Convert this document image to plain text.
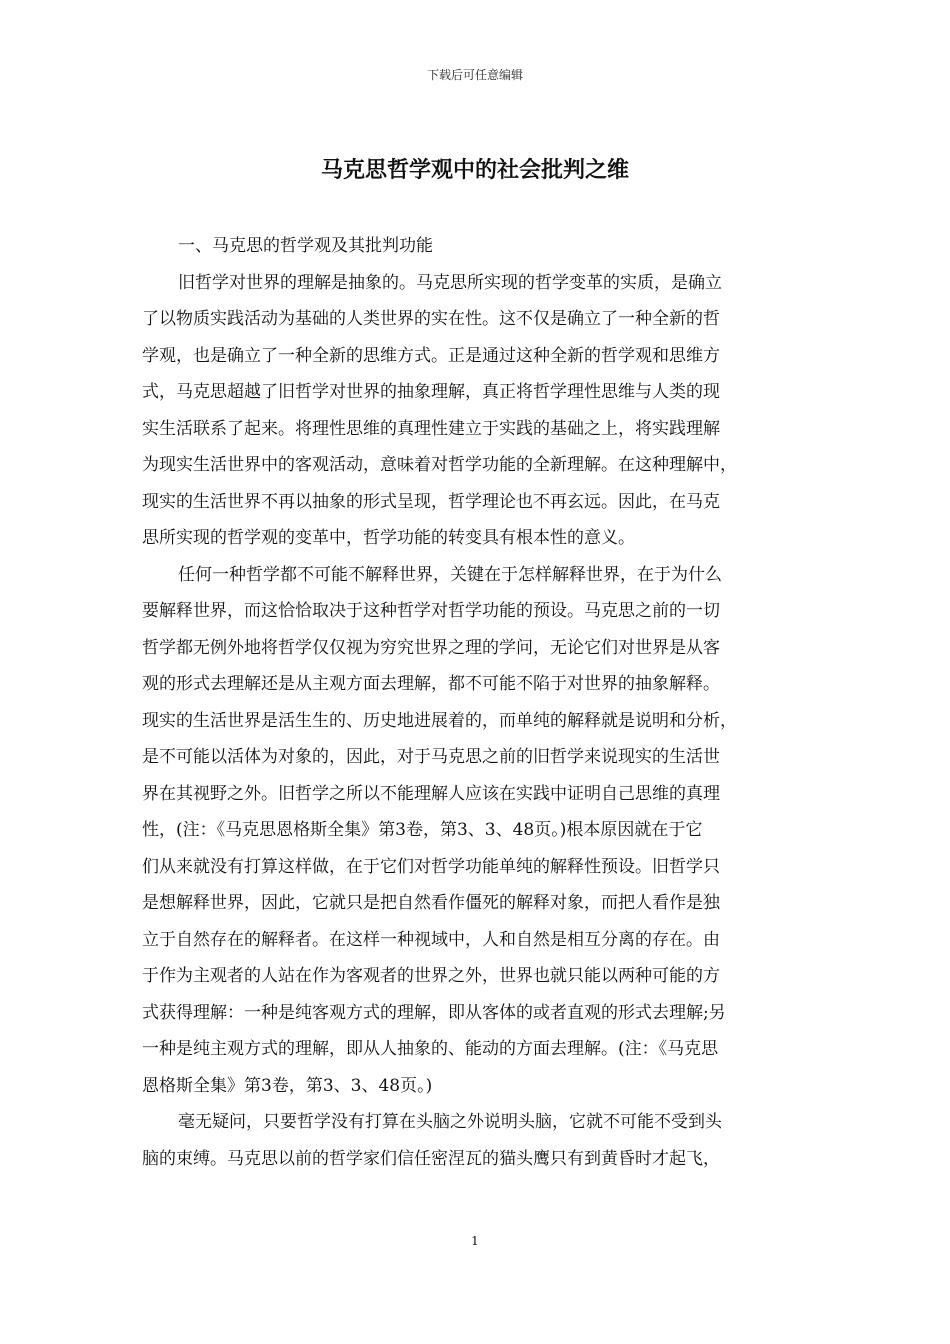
下载后可任意编辑
马克思哲学观中的社会批判之维

一、马克思的哲学观及其批判功能

旧哲学对世界的理解是抽象的。马克思所实现的哲学变革的实质，是确立
了以物质实践活动为基础的人类世界的实在性。这不仅是确立了一种全新的哲
学观，也是确立了一种全新的思维方式。正是通过这种全新的哲学观和思维方
式，马克思超越了旧哲学对世界的抽象理解，真正将哲学理性思维与人类的现
实生活联系了起来。将理性思维的真理性建立于实践的基础之上，将实践理解
为现实生活世界中的客观活动，意味着对哲学功能的全新理解。在这种理解中，
现实的生活世界不再以抽象的形式呈现，哲学理论也不再玄远。因此，在马克
思所实现的哲学观的变革中，哲学功能的转变具有根本性的意义。
任何一种哲学都不可能不解释世界，关键在于怎样解释世界，在于为什么
要解释世界，而这恰恰取决于这种哲学对哲学功能的预设。马克思之前的一切
哲学都无例外地将哲学仅仅视为穷究世界之理的学问，无论它们对世界是从客
观的形式去理解还是从主观方面去理解，都不可能不陷于对世界的抽象解释。
现实的生活世界是活生生的、历史地进展着的，而单纯的解释就是说明和分析，
是不可能以活体为对象的，因此，对于马克思之前的旧哲学来说现实的生活世
界在其视野之外。旧哲学之所以不能理解人应该在实践中证明自己思维的真理
性，(注：《马克思恩格斯全集》第3卷，第3、3、48页。)根本原因就在于它
们从来就没有打算这样做，在于它们对哲学功能单纯的解释性预设。旧哲学只
是想解释世界，因此，它就只是把自然看作僵死的解释对象，而把人看作是独
立于自然存在的解释者。在这样一种视域中，人和自然是相互分离的存在。由
于作为主观者的人站在作为客观者的世界之外，世界也就只能以两种可能的方
式获得理解：一种是纯客观方式的理解，即从客体的或者直观的形式去理解;另
一种是纯主观方式的理解，即从人抽象的、能动的方面去理解。(注：《马克思
恩格斯全集》第3卷，第3、3、48页。)
毫无疑问，只要哲学没有打算在头脑之外说明头脑，它就不可能不受到头
脑的束缚。马克思以前的哲学家们信任密涅瓦的猫头鹰只有到黄昏时才起飞，
1
